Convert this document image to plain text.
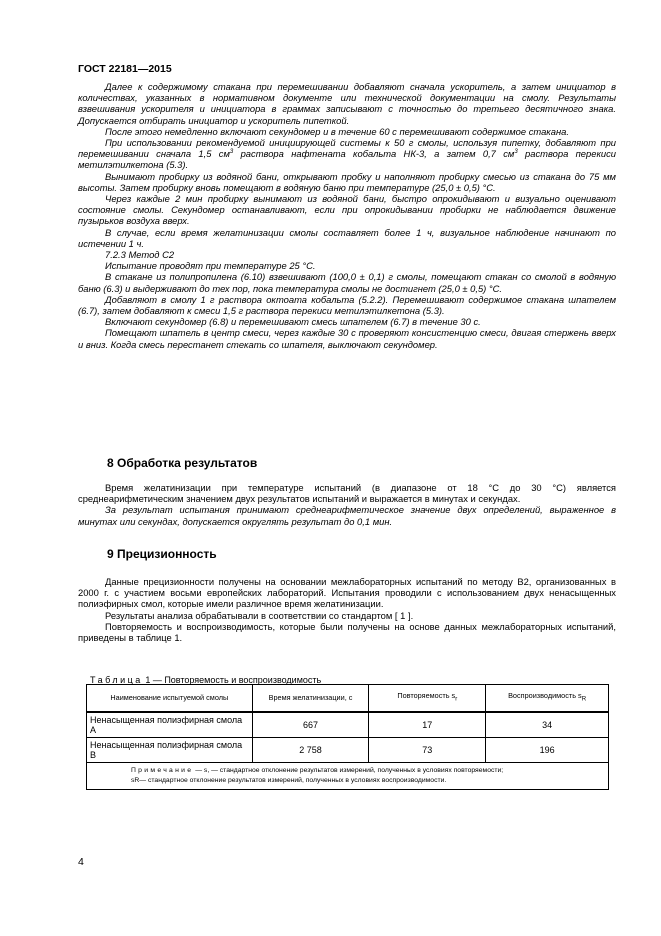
ГОСТ 22181—2015

Далее к содержимому стакана при перемешивании добавляют сначала ускоритель, а затем инициатор в количествах, указанных в нормативном документе или технической документации на смолу. Результаты взвешивания ускорителя и инициатора в граммах записывают с точностью до третьего десятичного знака. Допускается отбирать инициатор и ускоритель пипеткой.

После этого немедленно включают секундомер и в течение 60 с перемешивают содержимое стакана.

При использовании рекомендуемой инициирующей системы к 50 г смолы, используя пипетку, добавляют при перемешивании сначала 1,5 $см^3$ раствора нафтената кобальта НК-3, а затем 0,7 $см^3$ раствора перекиси метилэтилкетона (5.3).

Вынимают пробирку из водяной бани, открывают пробку и наполняют пробирку смесью из стакана до 75 мм высоты. Затем пробирку вновь помещают в водяную баню при температуре (25,0 ± 0,5) °С.

Через каждые 2 мин пробирку вынимают из водяной бани, быстро опрокидывают и визуально оценивают состояние смолы. Секундомер останавливают, если при опрокидывании пробирки не наблюдается движение пузырьков воздуха вверх.

В случае, если время желатинизации смолы составляет более 1 ч, визуальное наблюдение начинают по истечении 1 ч.

7.2.3 Метод С2

Испытание проводят при температуре 25 °С.

В стакане из полипропилена (6.10) взвешивают (100,0 ± 0,1) г смолы, помещают стакан со смолой в водяную баню (6.3) и выдерживают до тех пор, пока температура смолы не достигнет (25,0 ± 0,5) °С.

Добавляют в смолу 1 г раствора октоата кобальта (5.2.2). Перемешивают содержимое стакана шпателем (6.7), затем добавляют к смеси 1,5 г раствора перекиси метилэтилкетона (5.3).

Включают секундомер (6.8) и перемешивают смесь шпателем (6.7) в течение 30 с.

Помещают шпатель в центр смеси, через каждые 30 с проверяют консистенцию смеси, двигая стержень вверх и вниз. Когда смесь перестанет стекать со шпателя, выключают секундомер.

8 Обработка результатов

Время желатинизации при температуре испытаний (в диапазоне от 18 °С до 30 °С) является среднеарифметическим значением двух результатов испытаний и выражается в минутах и секундах.

За результат испытания принимают среднеарифметическое значение двух определений, выраженное в минутах или секундах, допускается округлять результат до 0,1 мин.

9 Прецизионность

Данные прецизионности получены на основании межлабораторных испытаний по методу В2, организованных в 2000 г. с участием восьми европейских лабораторий. Испытания проводили с использованием двух ненасыщенных полиэфирных смол, которые имели различное время желатинизации.

Результаты анализа обрабатывали в соответствии со стандартом [ 1 ].

Повторяемость и воспроизводимость, которые были получены на основе данных межлабораторных испытаний, приведены в таблице 1.

Таблица 1 — Повторяемость и воспроизводимость
Наименование испытуемой смолы	Время желатинизации, с	Повторяемость $s_r$	Воспроизводимость $s_R$
Ненасыщенная полиэфирная смола А	667	17	34
Ненасыщенная полиэфирная смола В	2 758	73	196

Примечание — s, — стандартное отклонение результатов измерений, полученных в условиях повторяемости;
sR— стандартное отклонение результатов измерений, полученных в условиях воспроизводимости.			
4
